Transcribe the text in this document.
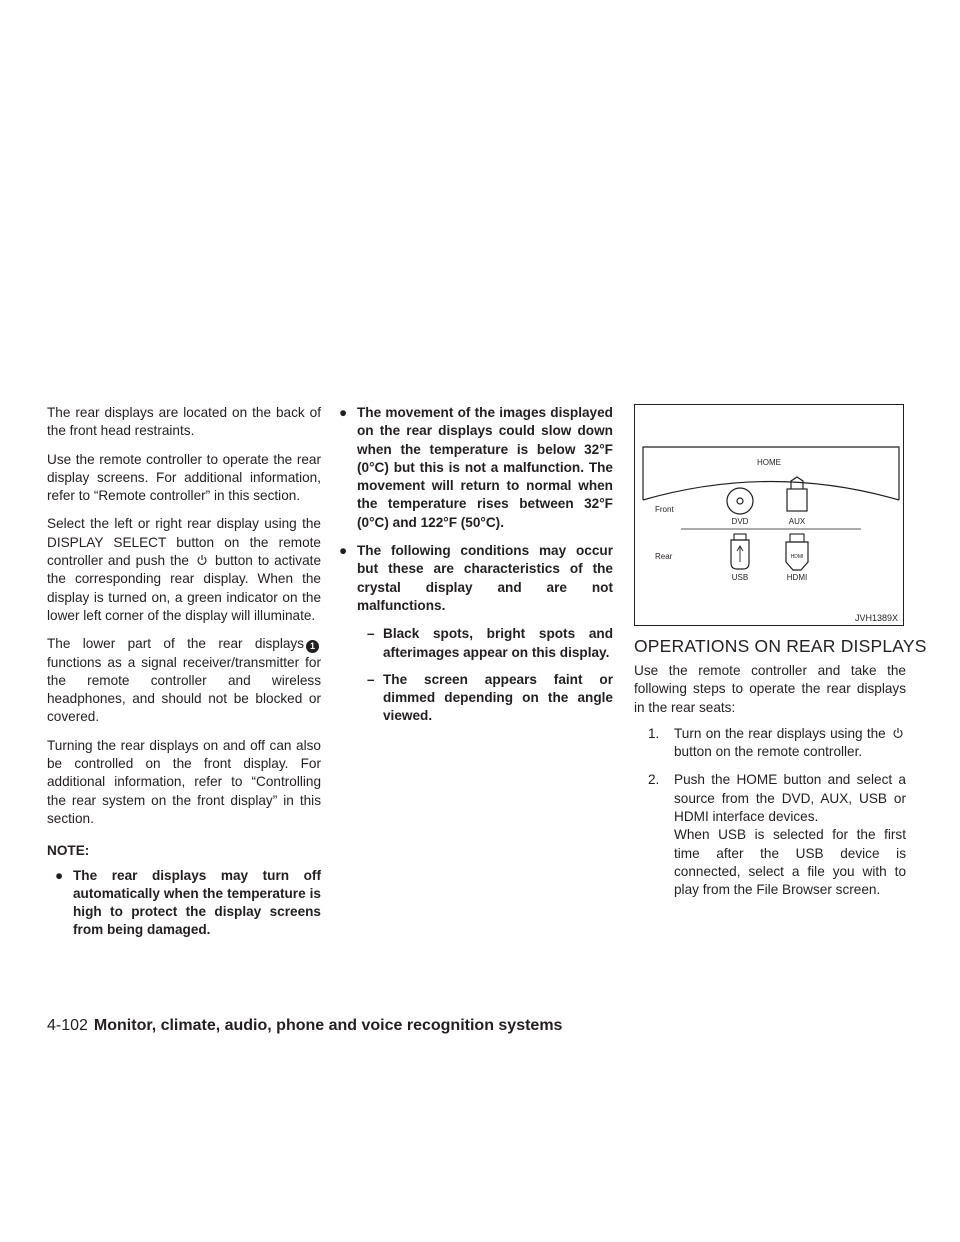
The rear displays are located on the back of the front head restraints.

Use the remote controller to operate the rear display screens. For additional information, refer to “Remote controller” in this section.

Select the left or right rear display using the DISPLAY SELECT button on the remote controller and push the button to activate the corresponding rear display. When the display is turned on, a green indicator on the lower left corner of the display will illuminate.

The lower part of the rear displays 1functions as a signal receiver/transmitter for the remote controller and wireless headphones, and should not be blocked or covered.

Turning the rear displays on and off can also be controlled on the front display. For additional information, refer to “Controlling the rear system on the front display” in this section.

NOTE:
● The rear displays may turn off automatically when the temperature is high to protect the display screens from being damaged.
● The movement of the images displayed on the rear displays could slow down when the temperature is below 32°F (0°C) but this is not a malfunction. The movement will return to normal when the temperature rises between 32°F (0°C) and 122°F (50°C).
● The following conditions may occur but these are characteristics of the crystal display and are not malfunctions.
– Black spots, bright spots and afterimages appear on this display.
– The screen appears faint or dimmed depending on the angle viewed.
HOME
Front
Rear
DVD	AUX
USB
HDMI
HDMI
JVH1389X
OPERATIONS ON REAR DISPLAYS

Use the remote controller and take the following steps to operate the rear displays in the rear seats:

1. Turn on the rear displays using the
button on the remote controller.
2. Push the HOME button and select a source from the DVD, AUX, USB or HDMI interface devices.
When USB is selected for the first time after the USB device is connected, select a file you with to play from the File Browser screen.
4-102 Monitor, climate, audio, phone and voice recognition systems
